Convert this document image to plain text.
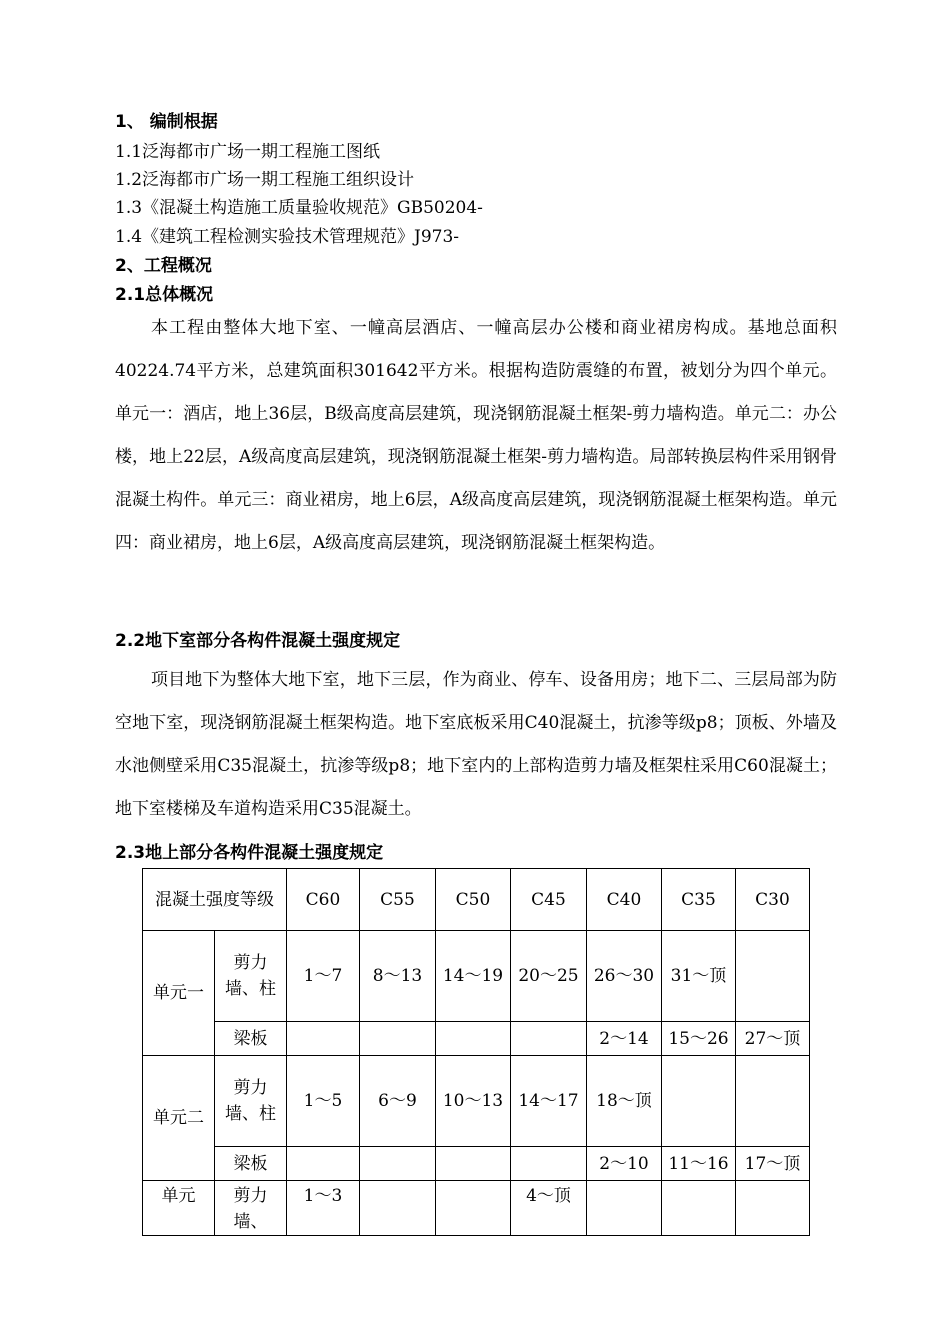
1、 编制根据
1.1泛海都市广场一期工程施工图纸
1.2泛海都市广场一期工程施工组织设计
1.3《混凝土构造施工质量验收规范》GB50204-
1.4《建筑工程检测实验技术管理规范》J973-
2、工程概况
2.1总体概况

本工程由整体大地下室、一幢高层酒店、一幢高层办公楼和商业裙房构成。基地总面积40224.74平方米，总建筑面积301642平方米。根据构造防震缝的布置，被划分为四个单元。单元一：酒店，地上36层，B级高度高层建筑，现浇钢筋混凝土框架-剪力墙构造。单元二：办公楼，地上22层，A级高度高层建筑，现浇钢筋混凝土框架-剪力墙构造。局部转换层构件采用钢骨混凝土构件。单元三：商业裙房，地上6层，A级高度高层建筑，现浇钢筋混凝土框架构造。单元四：商业裙房，地上6层，A级高度高层建筑，现浇钢筋混凝土框架构造。

2.2地下室部分各构件混凝土强度规定

项目地下为整体大地下室，地下三层，作为商业、停车、设备用房；地下二、三层局部为防空地下室，现浇钢筋混凝土框架构造。地下室底板采用C40混凝土，抗渗等级p8；顶板、外墙及水池侧壁采用C35混凝土，抗渗等级p8；地下室内的上部构造剪力墙及框架柱采用C60混凝土；地下室楼梯及车道构造采用C35混凝土。

2.3地上部分各构件混凝土强度规定
混凝土强度等级		C60	C55	C50	C45	C40	C35	C30
单元一	剪力墙、柱	1～7	8～13	14～19	20～25	26～30	31～顶	
	梁板					2～14	15～26	27～顶
单元二	剪力墙、柱	1～5	6～9	10～13	14～17	18～顶		
	梁板					2～10	11～16	17～顶
单元	剪力墙、	1～3			4～顶			
